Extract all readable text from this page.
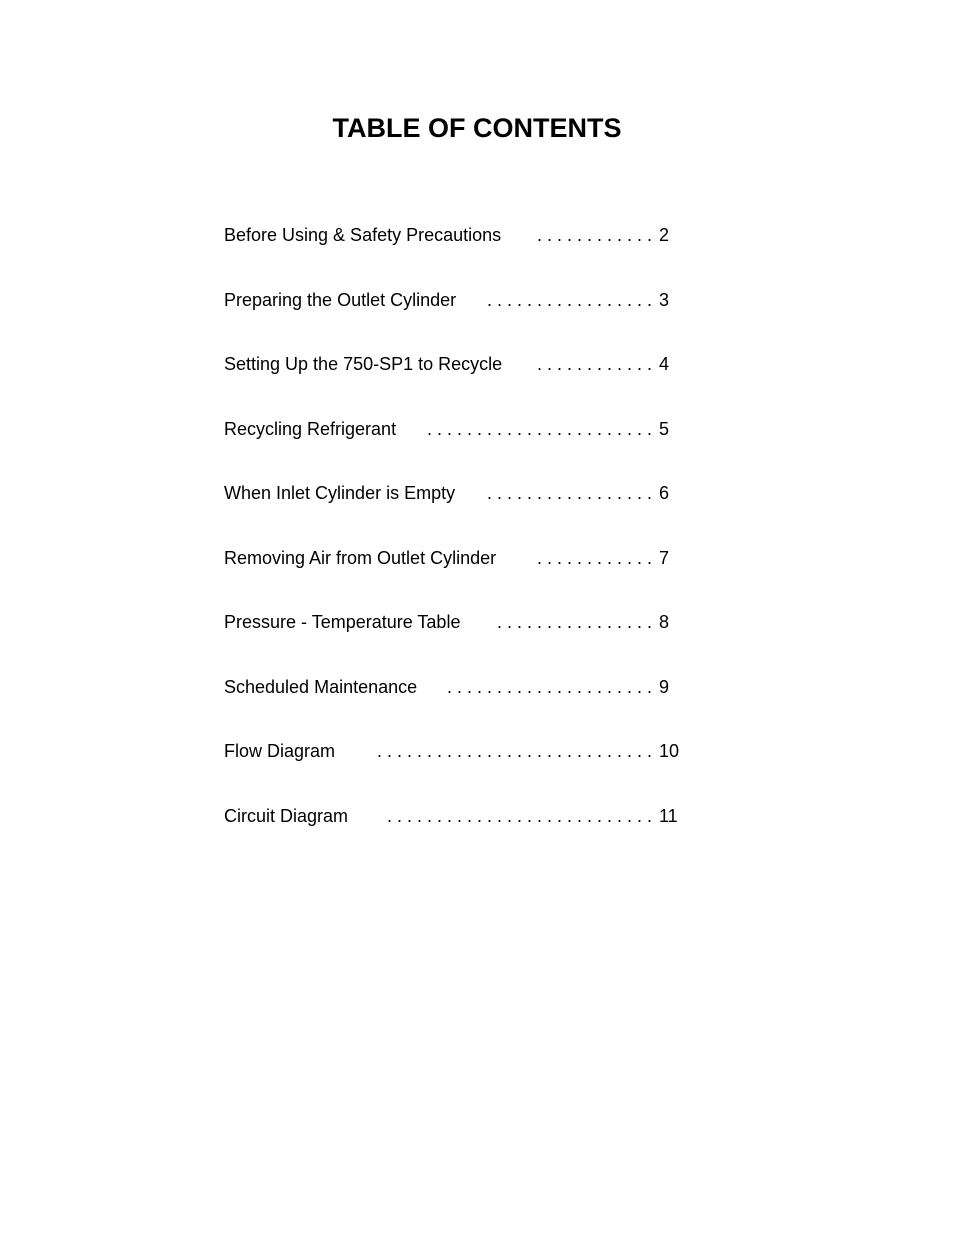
TABLE OF CONTENTS
Before Using & Safety Precautions . . . . . . . . . . . . 2
Preparing the Outlet Cylinder . . . . . . . . . . . . . . . . . 3
Setting Up the 750-SP1 to Recycle . . . . . . . . . . . . 4
Recycling Refrigerant . . . . . . . . . . . . . . . . . . . . . . . 5
When Inlet Cylinder is Empty . . . . . . . . . . . . . . . . . 6
Removing Air from Outlet Cylinder . . . . . . . . . . . . 7
Pressure - Temperature Table . . . . . . . . . . . . . . . . 8
Scheduled Maintenance . . . . . . . . . . . . . . . . . . . . . 9
Flow Diagram . . . . . . . . . . . . . . . . . . . . . . . . . . . . 10
Circuit Diagram . . . . . . . . . . . . . . . . . . . . . . . . . . . 11
